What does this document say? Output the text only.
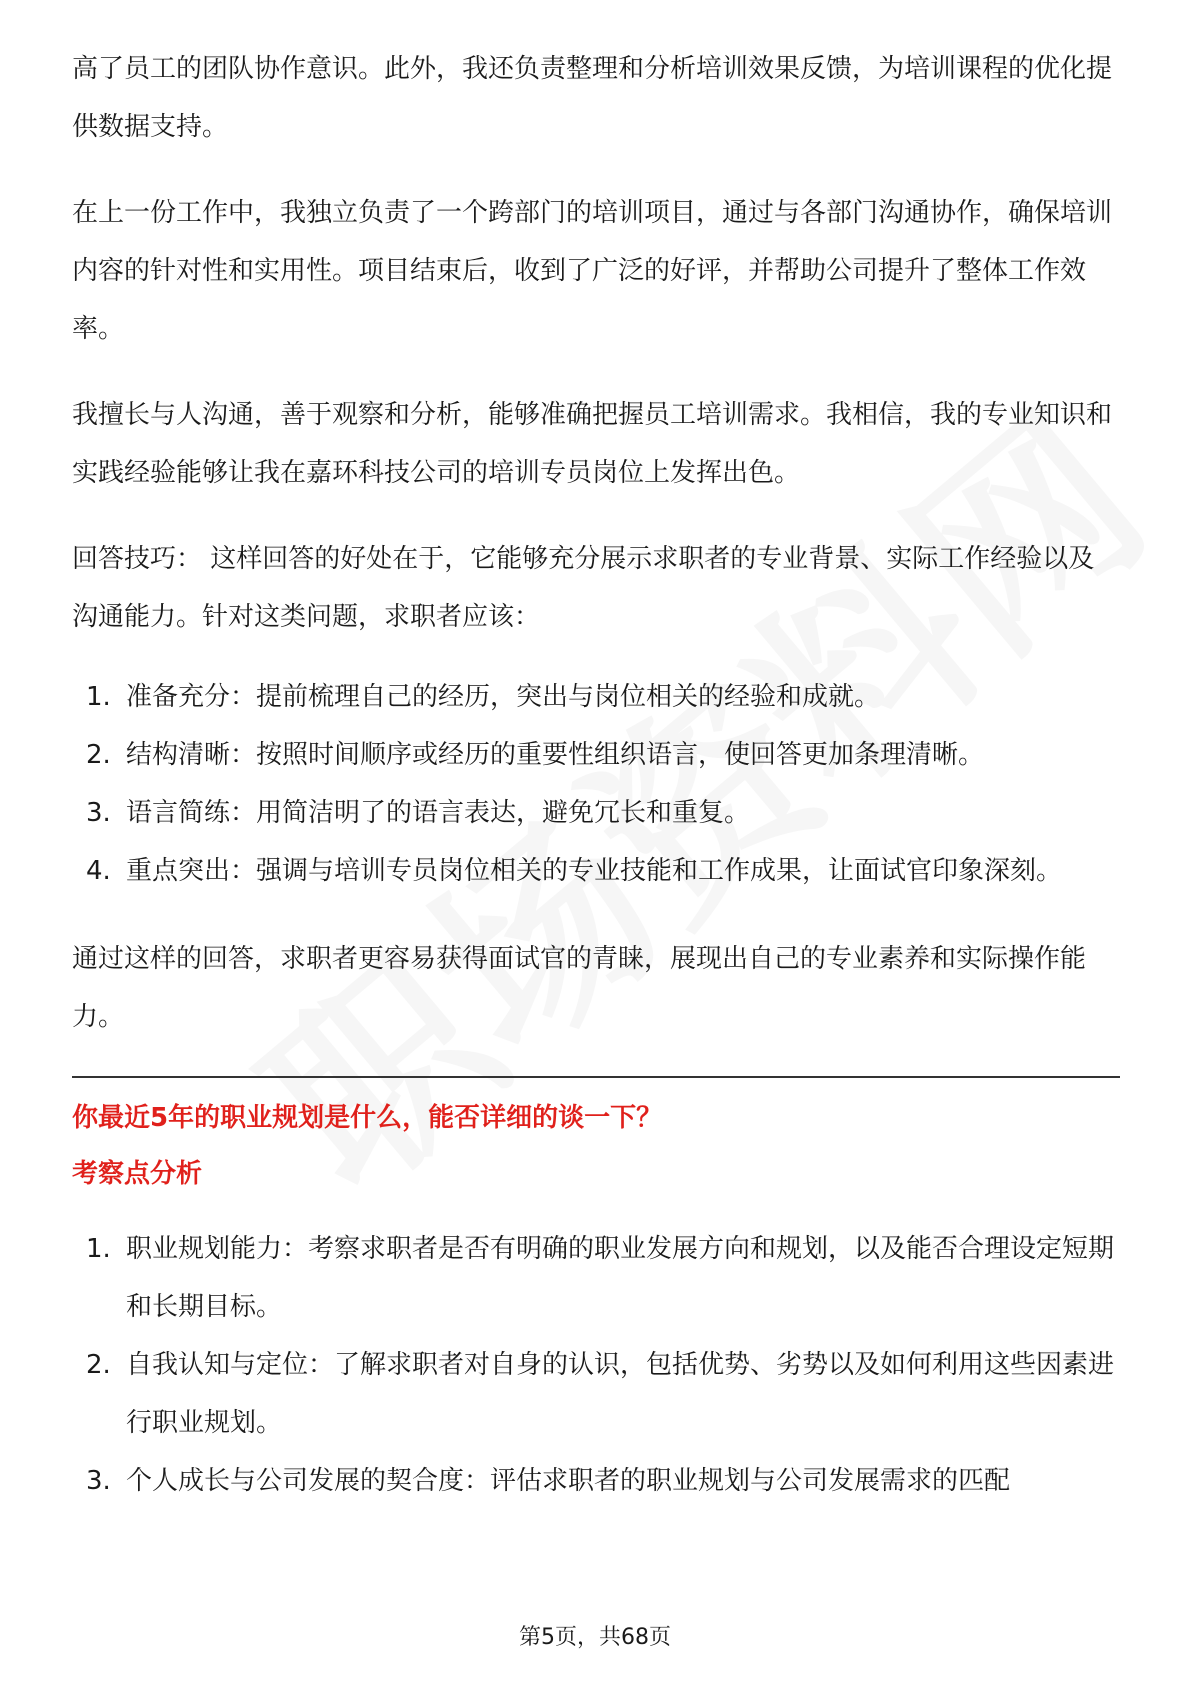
高了员工的团队协作意识。此外，我还负责整理和分析培训效果反馈，为培训课程的优化提供数据支持。

在上一份工作中，我独立负责了一个跨部门的培训项目，通过与各部门沟通协作，确保培训内容的针对性和实用性。项目结束后，收到了广泛的好评，并帮助公司提升了整体工作效率。

我擅长与人沟通，善于观察和分析，能够准确把握员工培训需求。我相信，我的专业知识和实践经验能够让我在嘉环科技公司的培训专员岗位上发挥出色。

回答技巧： 这样回答的好处在于，它能够充分展示求职者的专业背景、实际工作经验以及沟通能力。针对这类问题，求职者应该：

1. 准备充分：提前梳理自己的经历，突出与岗位相关的经验和成就。
2. 结构清晰：按照时间顺序或经历的重要性组织语言，使回答更加条理清晰。
3. 语言简练：用简洁明了的语言表达，避免冗长和重复。
4. 重点突出：强调与培训专员岗位相关的专业技能和工作成果，让面试官印象深刻。

通过这样的回答，求职者更容易获得面试官的青睐，展现出自己的专业素养和实际操作能力。

你最近5年的职业规划是什么，能否详细的谈一下？
考察点分析
1. 职业规划能力：考察求职者是否有明确的职业发展方向和规划，以及能否合理设定短期和长期目标。
2. 自我认知与定位：了解求职者对自身的认识，包括优势、劣势以及如何利用这些因素进行职业规划。
3. 个人成长与公司发展的契合度：评估求职者的职业规划与公司发展需求的匹配
第5页，共68页
